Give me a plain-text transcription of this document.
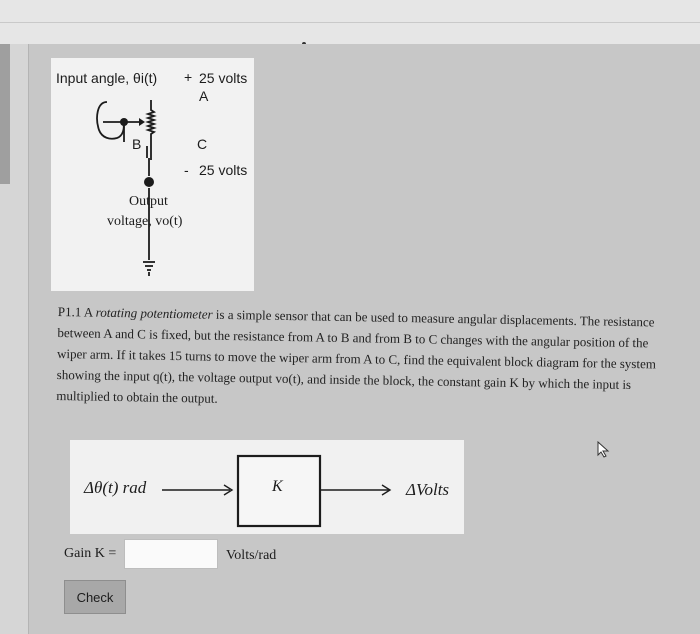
Input angle, θi(t) + 25 volts
A
B	C
- 25 volts
Output
voltage, vo(t)
P1.1 A rotating potentiometer is a simple sensor that can be used to measure angular displacements. The resistance between A and C is fixed, but the resistance from A to B and from B to C changes with the angular position of the wiper arm. If it takes 15 turns to move the wiper arm from A to C, find the equivalent block diagram for the system showing the input q(t), the voltage output vo(t), and inside the block, the constant gain K by which the input is multiplied to obtain the output.
Δθ(t) rad	K	ΔVolts
Gain K =	Volts/rad
Check
